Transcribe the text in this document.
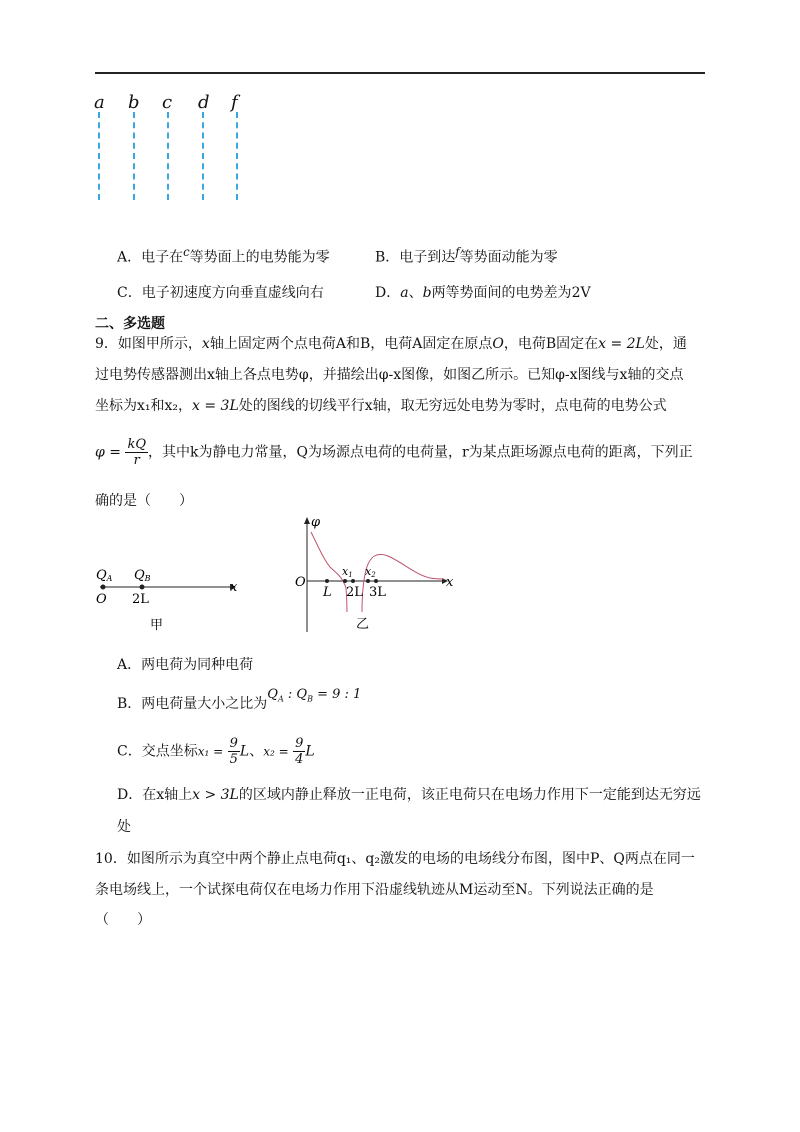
a b c d f
A．电子在$^c$等势面上的电势能为零	B．电子到达$^f$等势面动能为零
C．电子初速度方向垂直虚线向右	D．a、b两等势面间的电势差为2V
二、多选题
9．如图甲所示，x轴上固定两个点电荷A和B，电荷A固定在原点O，电荷B固定在x = 2L处，通
过电势传感器测出x轴上各点电势φ，并描绘出φ-x图像，如图乙所示。已知φ-x图线与x轴的交点
坐标为x₁和x₂，x = 3L处的图线的切线平行x轴，取无穷远处电势为零时，点电荷的电势公式
$\varphi = \frac{kQ}{r}$ ，其中k为静电力常量，Q为场源点电荷的电荷量，r为某点距场源点电荷的距离，下列正
确的是（　　）
QA QB
O 2L
x
甲
φ
O
L 2L 3L
x1 x2	x
乙
A．两电荷为同种电荷
B．两电荷量大小之比为$Q_A$ : $Q_B = 9$ : 1
C．交点坐标$x_1 = \frac{9}{5}$ L、$x_2 = \frac{9}{4}$ L
D．在x轴上x > 3L的区域内静止释放一正电荷，该正电荷只在电场力作用下一定能到达无穷远
处
10．如图所示为真空中两个静止点电荷q₁、q₂激发的电场的电场线分布图，图中P、Q两点在同一
条电场线上，一个试探电荷仅在电场力作用下沿虚线轨迹从M运动至N。下列说法正确的是
（　　）
